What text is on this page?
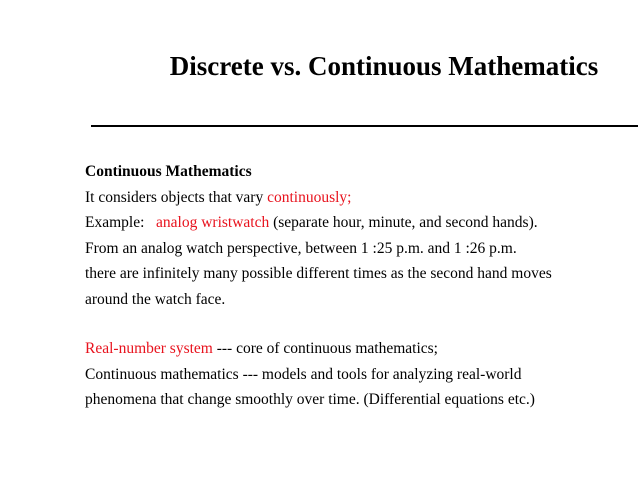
Discrete vs. Continuous Mathematics
Continuous Mathematics
It considers objects that vary continuously;
Example:   analog wristwatch (separate hour, minute, and second hands).
From an analog watch perspective, between 1 :25 p.m. and 1 :26 p.m.
there are infinitely many possible different times as the second hand moves
around the watch face.
Real-number system --- core of continuous mathematics;
Continuous mathematics --- models and tools for analyzing real-world
phenomena that change smoothly over time. (Differential equations etc.)
